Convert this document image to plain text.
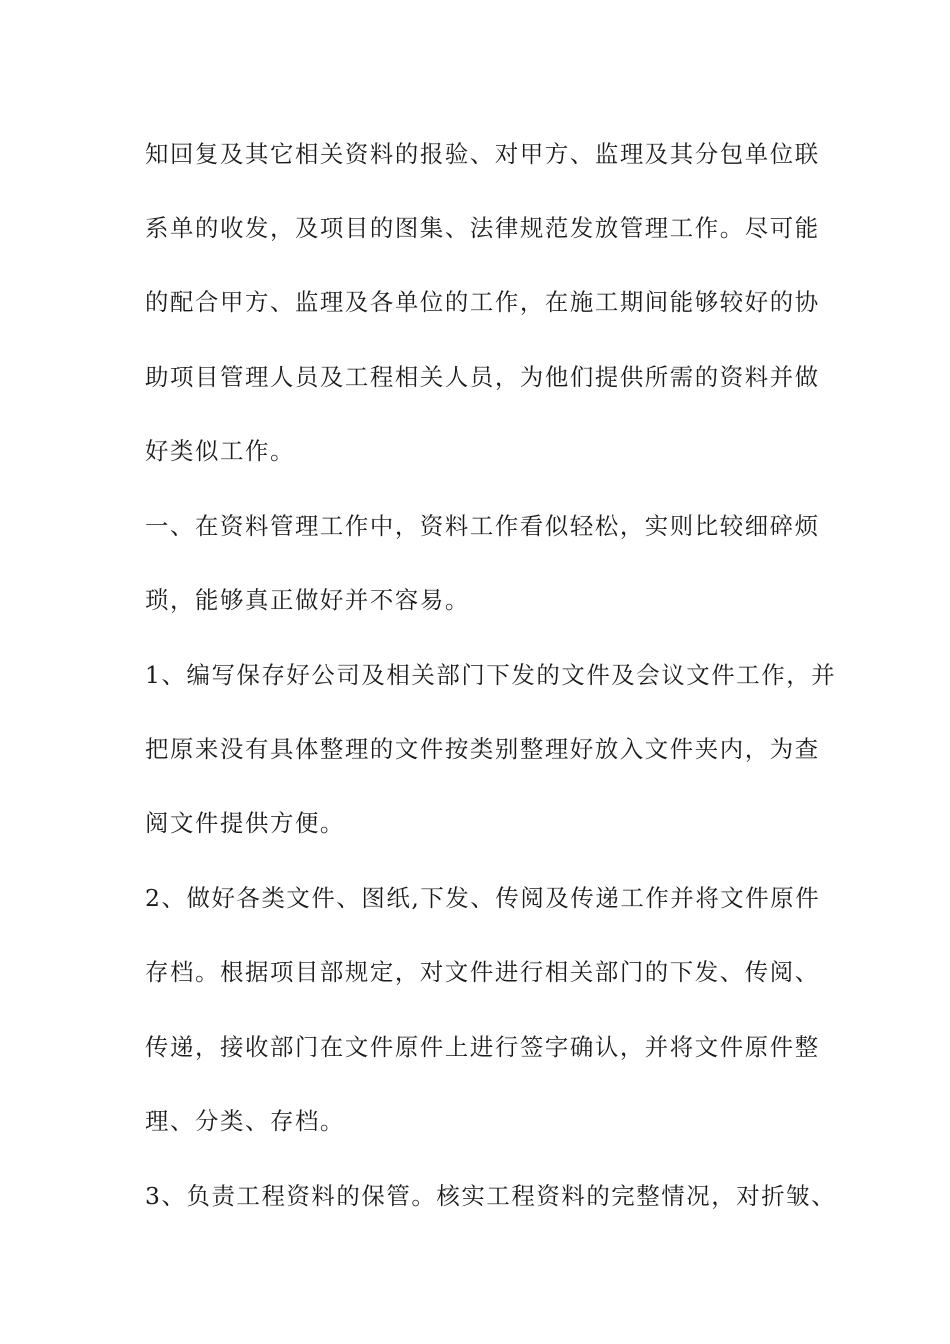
知回复及其它相关资料的报验、对甲方、监理及其分包单位联
系单的收发，及项目的图集、法律规范发放管理工作。尽可能
的配合甲方、监理及各单位的工作，在施工期间能够较好的协
助项目管理人员及工程相关人员，为他们提供所需的资料并做
好类似工作。
一、在资料管理工作中，资料工作看似轻松，实则比较细碎烦
琐，能够真正做好并不容易。
1、编写保存好公司及相关部门下发的文件及会议文件工作，并
把原来没有具体整理的文件按类别整理好放入文件夹内，为查
阅文件提供方便。
2、做好各类文件、图纸,下发、传阅及传递工作并将文件原件
存档。根据项目部规定，对文件进行相关部门的下发、传阅、
传递，接收部门在文件原件上进行签字确认，并将文件原件整
理、分类、存档。
3、负责工程资料的保管。核实工程资料的完整情况，对折皱、
